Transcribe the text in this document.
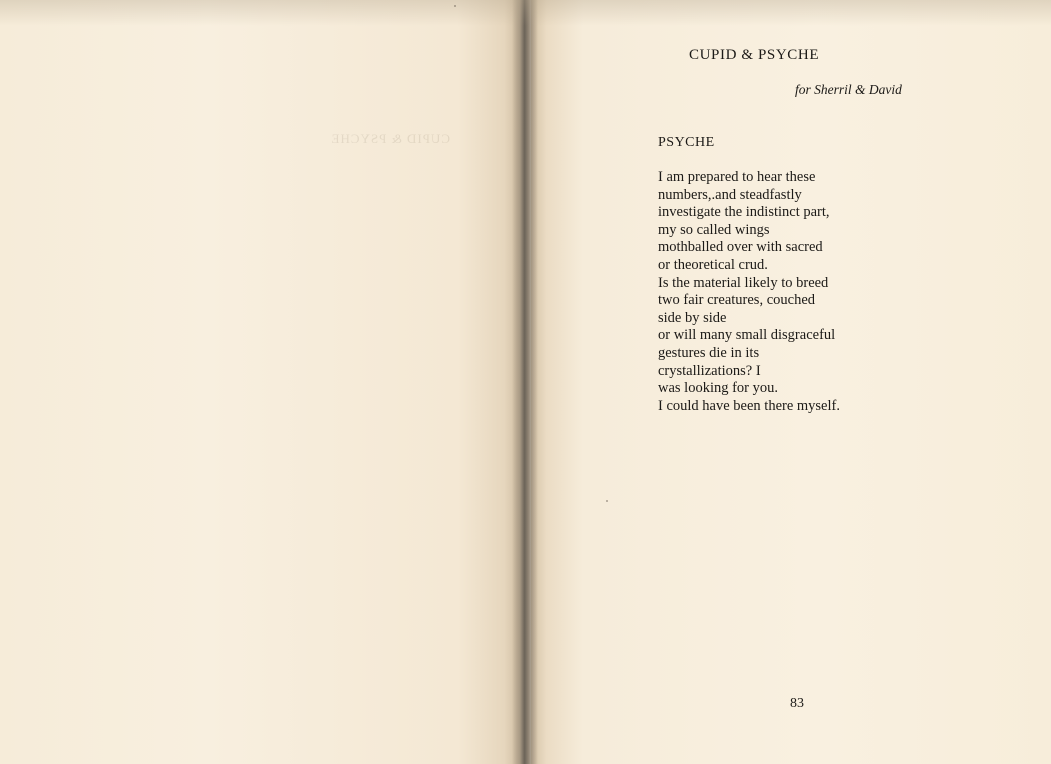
CUPID & PSYCHE
CUPID & PSYCHE
for Sherril & David
PSYCHE
I am prepared to hear these
numbers,.and steadfastly
investigate the indistinct part,
my so called wings
mothballed over with sacred
or theoretical crud.
Is the material likely to breed
two fair creatures, couched
side by side
or will many small disgraceful
gestures die in its
crystallizations? I
was looking for you.
I could have been there myself.
83
